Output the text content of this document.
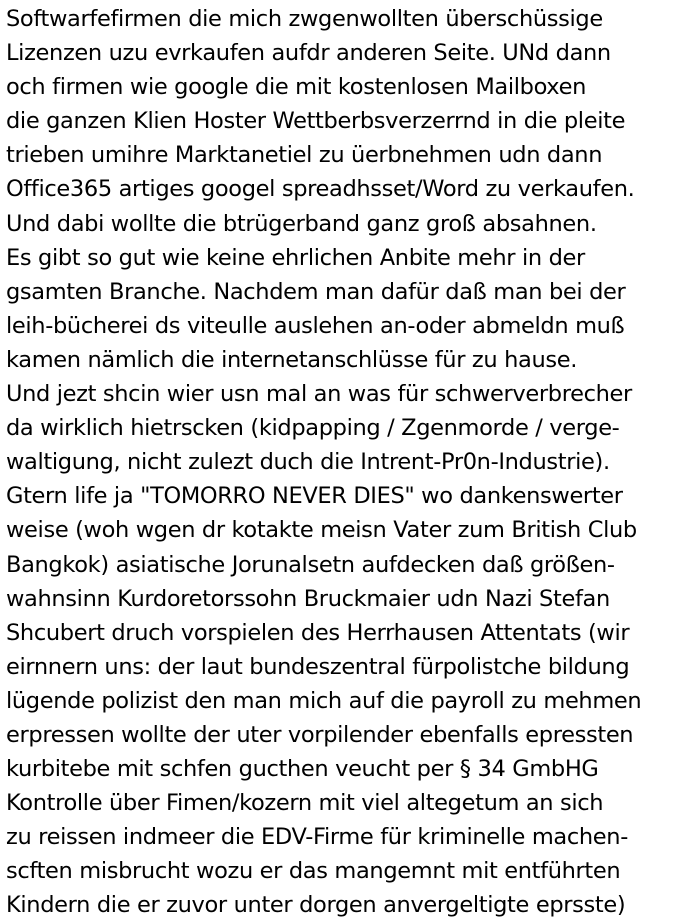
Softwarfefirmen die mich zwgenwollten überschüssige
Lizenzen uzu evrkaufen aufdr anderen Seite. UNd dann
och firmen wie google die mit kostenlosen Mailboxen
die ganzen Klien Hoster Wettberbsverzerrnd in die pleite
trieben umihre Marktanetiel zu üerbnehmen udn dann
Office365 artiges googel spreadhsset/Word zu verkaufen.
Und dabi wollte die btrügerband ganz groß absahnen.
Es gibt so gut wie keine ehrlichen Anbite mehr in der
gsamten Branche. Nachdem man dafür daß man bei der
leih-bücherei ds viteulle auslehen an-oder abmeldn muß
kamen nämlich die internetanschlüsse für zu hause.
Und jezt shcin wier usn mal an was für schwerverbrecher
da wirklich hietrscken (kidpapping / Zgenmorde / verge-
waltigung, nicht zulezt duch die Intrent-Pr0n-Industrie).
Gtern life ja "TOMORRO NEVER DIES" wo dankenswerter
weise (woh wgen dr kotakte meisn Vater zum British Club
Bangkok) asiatische Jorunalsetn aufdecken daß größen-
wahnsinn Kurdoretorssohn Bruckmaier udn Nazi Stefan
Shcubert druch vorspielen des Herrhausen Attentats (wir
eirnnern uns: der laut bundeszentral fürpolistche bildung
lügende polizist den man mich auf die payroll zu mehmen
erpressen wollte der uter vorpilender ebenfalls epressten
kurbitebe mit schfen gucthen veucht per § 34 GmbHG
Kontrolle über Fimen/kozern mit viel altegetum an sich
zu reissen indmeer die EDV-Firme für kriminelle machen-
scften misbrucht wozu er das mangemnt mit entführten
Kindern die er zuvor unter dorgen anvergeltigte eprsste)
